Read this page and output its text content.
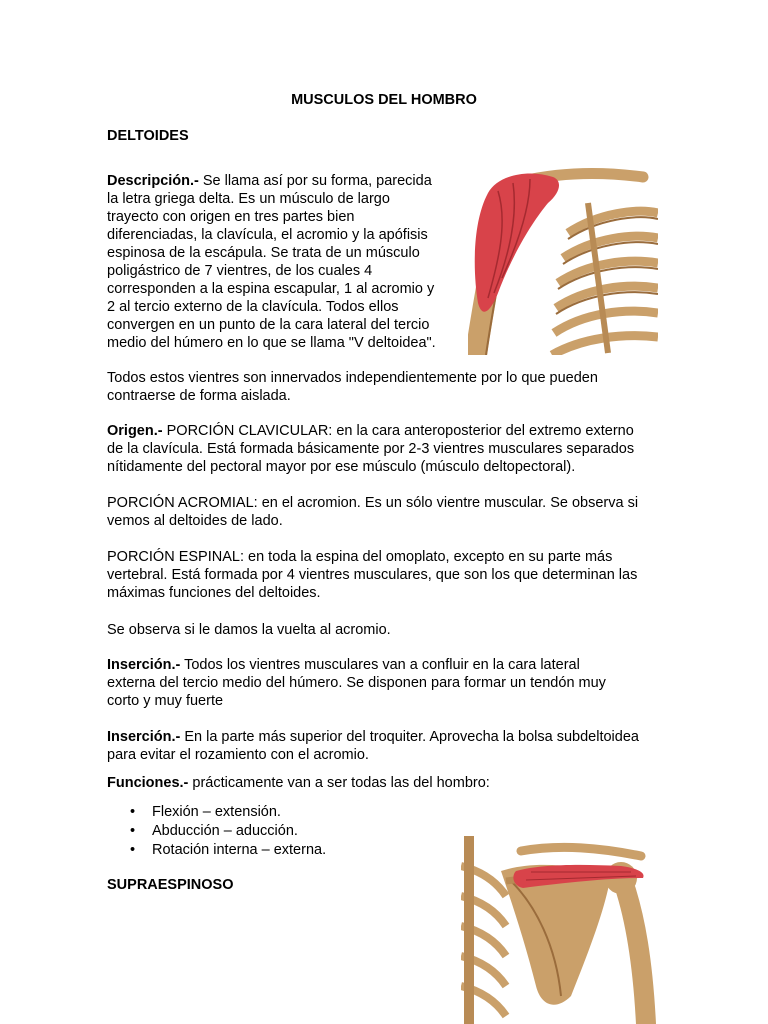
MUSCULOS DEL HOMBRO
DELTOIDES
Descripción.- Se llama así por su forma, parecida
la letra griega delta. Es un músculo de largo
trayecto con origen en tres partes bien
diferenciadas, la clavícula, el acromio y la apófisis
espinosa de la escápula. Se trata de un músculo
poligástrico de 7 vientres, de los cuales 4
corresponden a la espina escapular, 1 al acromio y
2 al tercio externo de la clavícula. Todos ellos
convergen en un punto de la cara lateral del tercio
medio del húmero en lo que se llama "V deltoidea".
Todos estos vientres son innervados independientemente por lo que pueden
contraerse de forma aislada.
Origen.- PORCIÓN CLAVICULAR: en la cara anteroposterior del extremo externo
de la clavícula. Está formada básicamente por 2-3 vientres musculares separados
nítidamente del pectoral mayor por ese músculo (músculo deltopectoral).
PORCIÓN ACROMIAL: en el acromion. Es un sólo vientre muscular. Se observa si
vemos al deltoides de lado.
PORCIÓN ESPINAL: en toda la espina del omoplato, excepto en su parte más
vertebral. Está formada por 4 vientres musculares, que son los que determinan las
máximas funciones del deltoides.
Se observa si le damos la vuelta al acromio.
Inserción.- Todos los vientres musculares van a confluir en la cara lateral
externa del tercio medio del húmero. Se disponen para formar un tendón muy
corto y muy fuerte
Inserción.- En la parte más superior del troquiter. Aprovecha la bolsa subdeltoidea
para evitar el rozamiento con el acromio.
Funciones.- prácticamente van a ser todas las del hombro:
• Flexión – extensión.
• Abducción – aducción.
• Rotación interna – externa.
SUPRAESPINOSO
